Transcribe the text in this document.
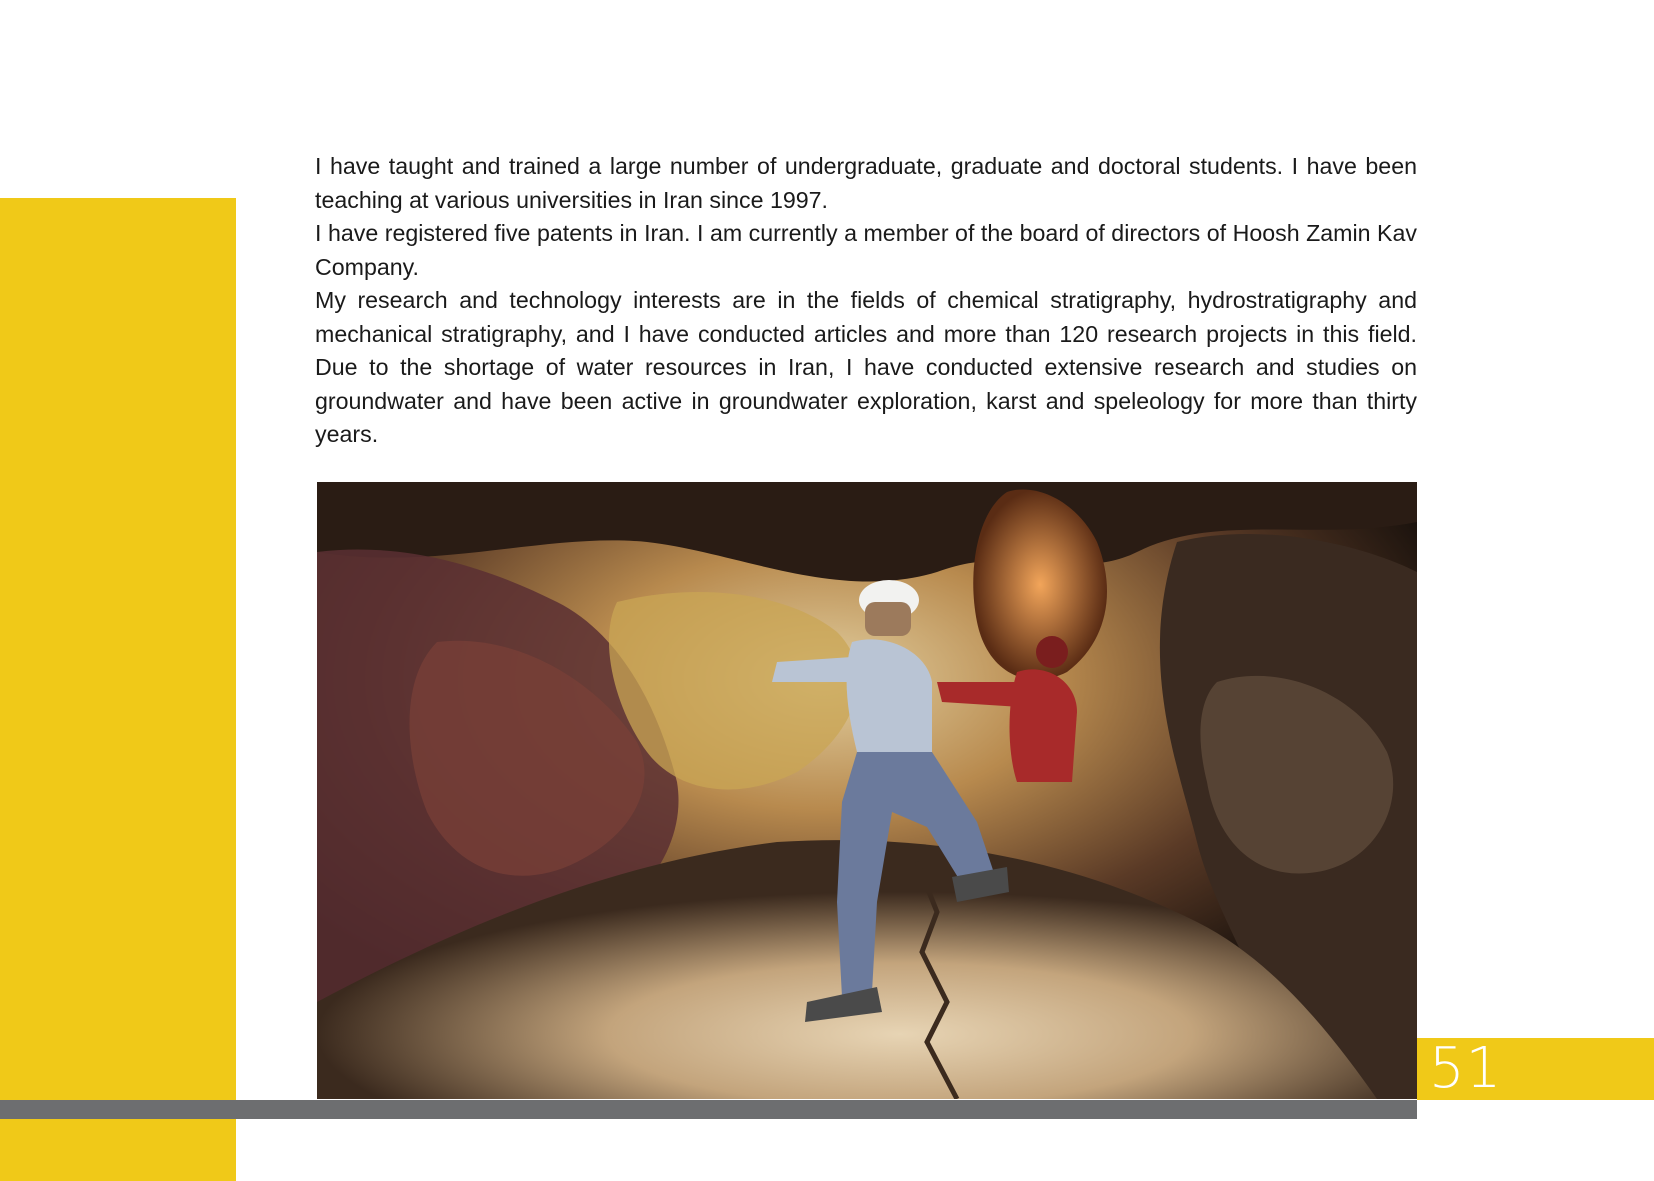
I have taught and trained a large number of undergraduate, graduate and doctoral students. I have been teaching at various universities in Iran since 1997.

I have registered five patents in Iran. I am currently a member of the board of directors of Hoosh Zamin Kav Company.

My research and technology interests are in the fields of chemical stratigraphy, hydrostratigraphy and mechanical stratigraphy, and I have conducted articles and more than 120 research projects in this field. Due to the shortage of water resources in Iran, I have conducted extensive research and studies on groundwater and have been active in groundwater exploration, karst and speleology for more than thirty years.

51
